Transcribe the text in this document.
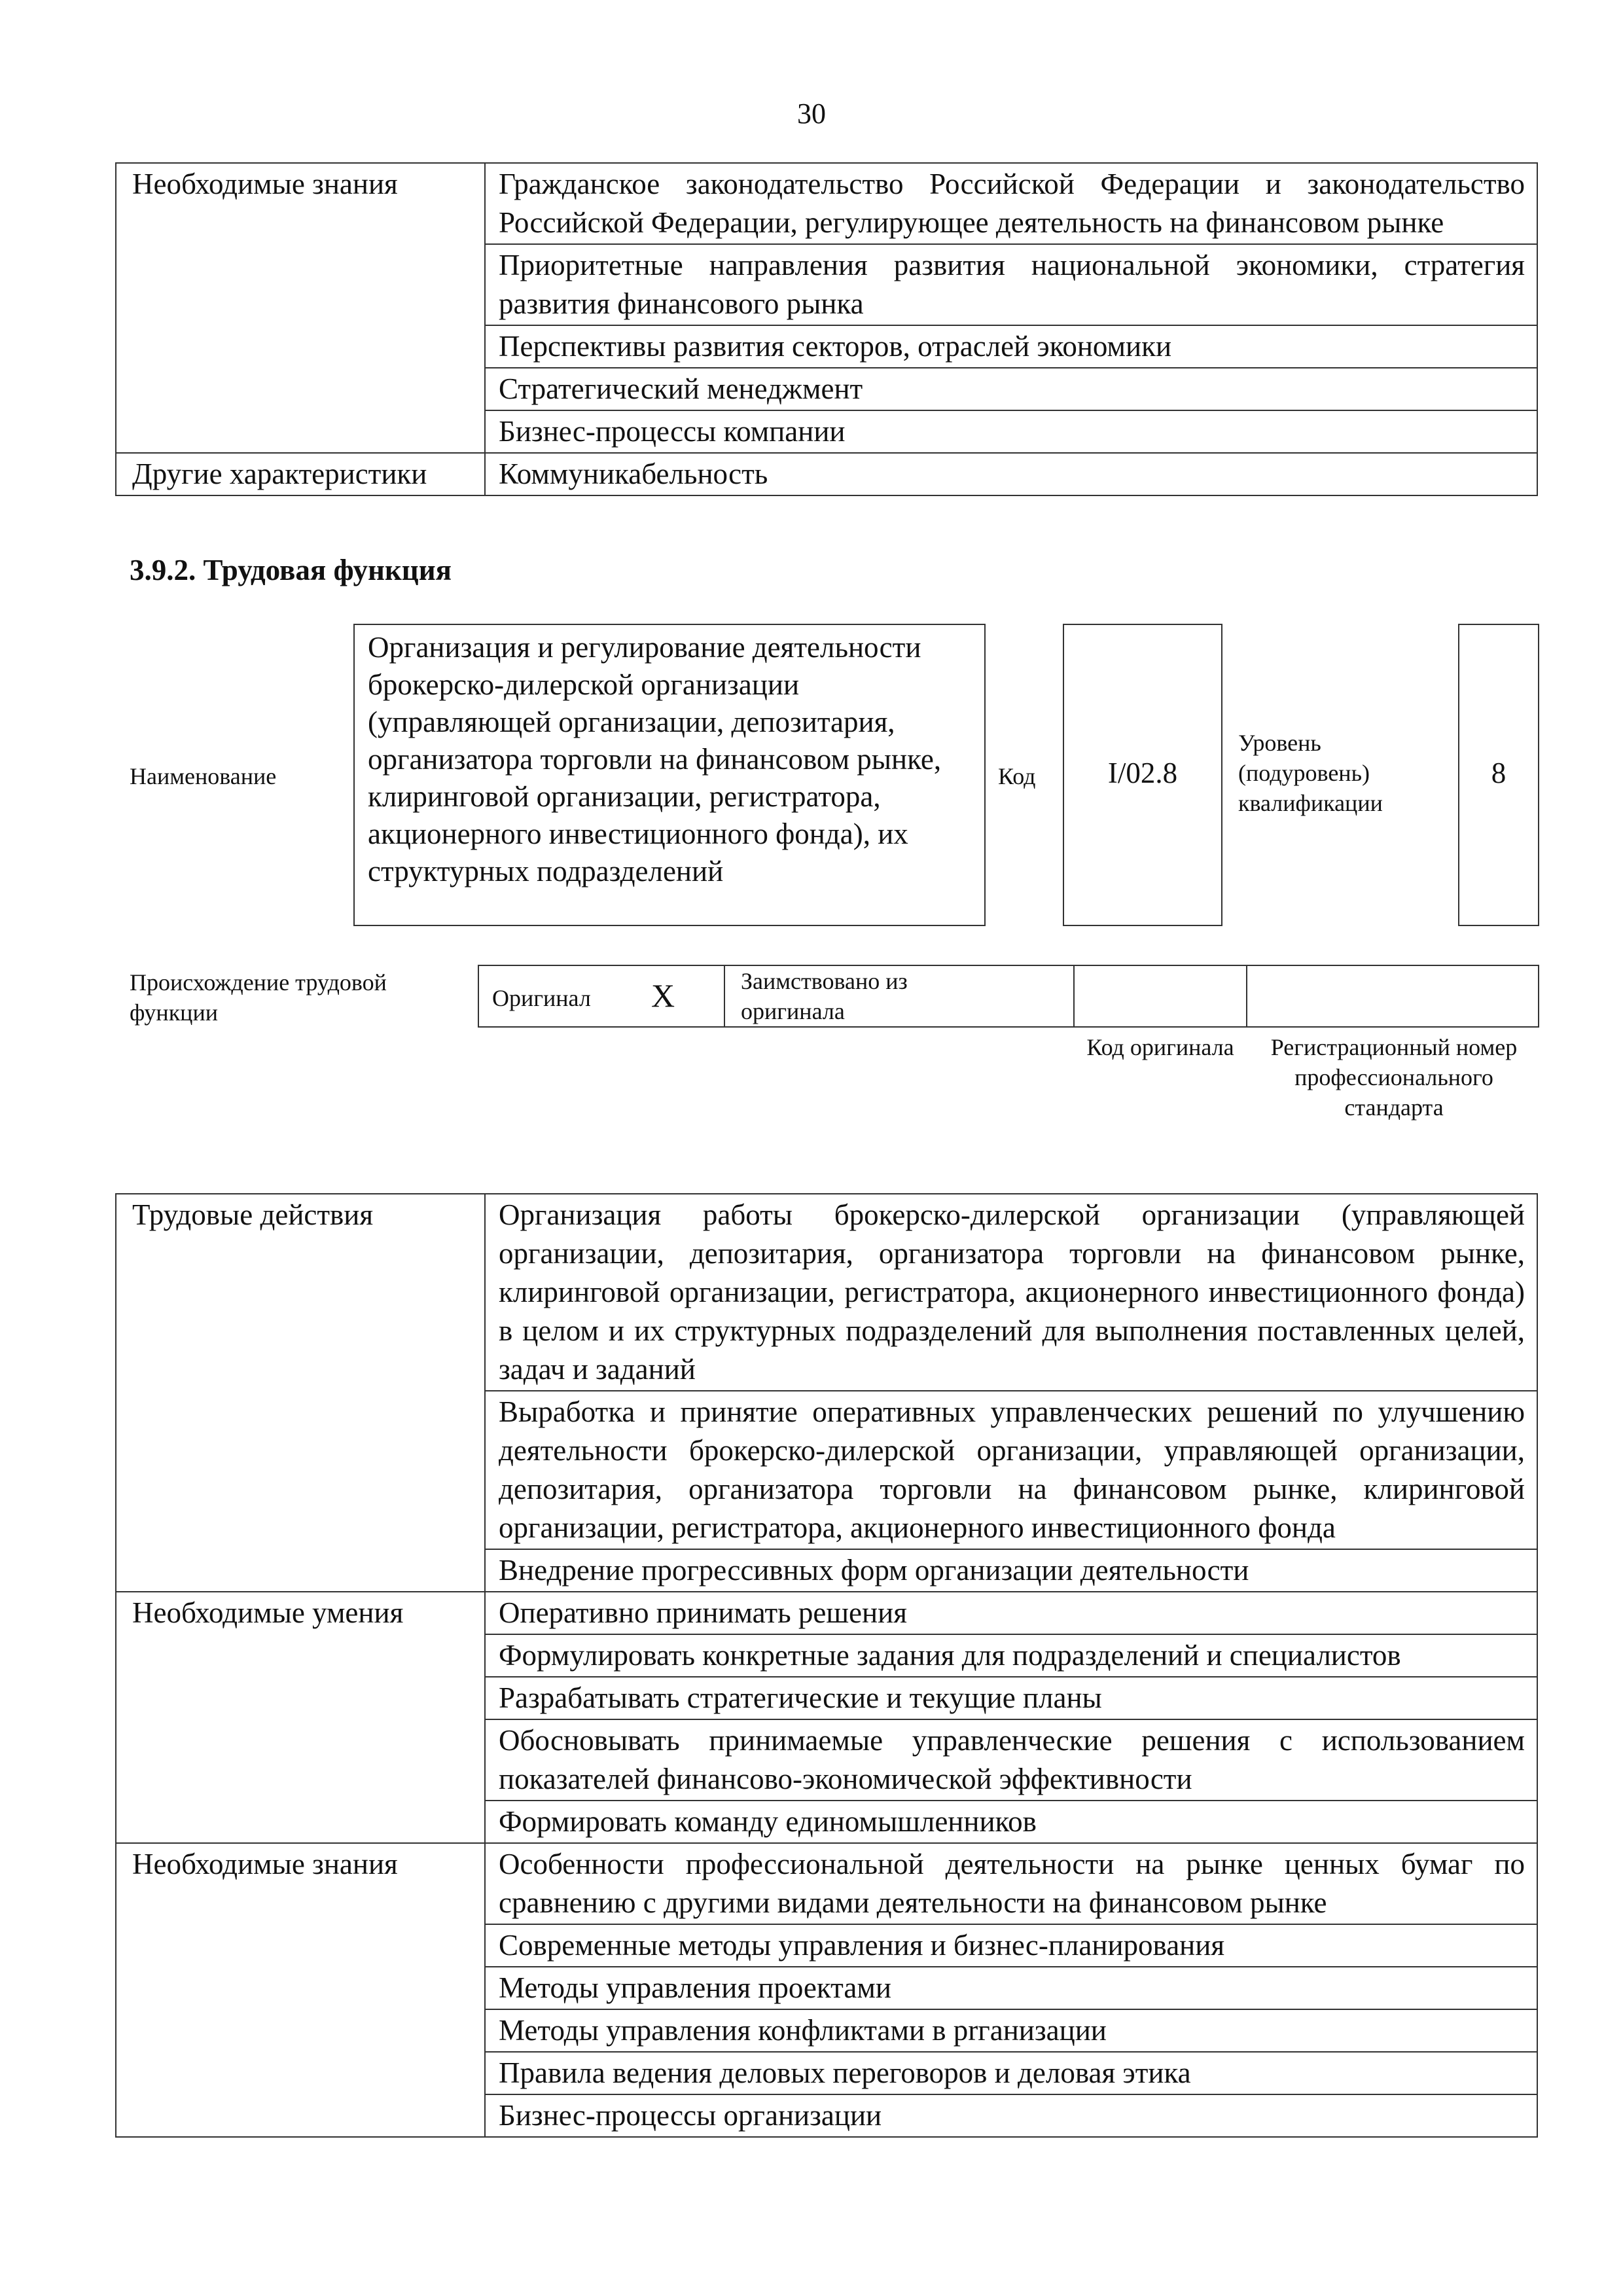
30
Необходимые знания	Гражданское законодательство Российской Федерации и законодательство Российской Федерации, регулирующее деятельность на финансовом рынке
	Приоритетные направления развития национальной экономики, стратегия развития финансового рынка
	Перспективы развития секторов, отраслей экономики
	Стратегический менеджмент
	Бизнес-процессы компании
Другие характеристики	Коммуникабельность
3.9.2. Трудовая функция
Наименование
Организация и регулирование деятельности брокерско-дилерской организации (управляющей организации, депозитария, организатора торговли на финансовом рынке, клиринговой организации, регистратора, акционерного инвестиционного фонда), их структурных подразделений
Код	I/02.8
Уровень (подуровень) квалификации
8
Происхождение трудовой функции
Оригинал X	Заимствовано из оригинала
Код оригинала	Регистрационный номер профессионального стандарта
Трудовые действия	Организация работы брокерско-дилерской организации (управляющей организации, депозитария, организатора торговли на финансовом рынке, клиринговой организации, регистратора, акционерного инвестиционного фонда) в целом и их структурных подразделений для выполнения поставленных целей, задач и заданий
	Выработка и принятие оперативных управленческих решений по улучшению деятельности брокерско-дилерской организации, управляющей организации, депозитария, организатора торговли на финансовом рынке, клиринговой организации, регистратора, акционерного инвестиционного фонда
	Внедрение прогрессивных форм организации деятельности
Необходимые умения	Оперативно принимать решения
	Формулировать конкретные задания для подразделений и специалистов
	Разрабатывать стратегические и текущие планы
	Обосновывать принимаемые управленческие решения с использованием показателей финансово-экономической эффективности
	Формировать команду единомышленников
Необходимые знания	Особенности профессиональной деятельности на рынке ценных бумаг по сравнению с другими видами деятельности на финансовом рынке
	Современные методы управления и бизнес-планирования
	Методы управления проектами
	Методы управления конфликтами в рrганизации
	Правила ведения деловых переговоров и деловая этика
	Бизнес-процессы организации
